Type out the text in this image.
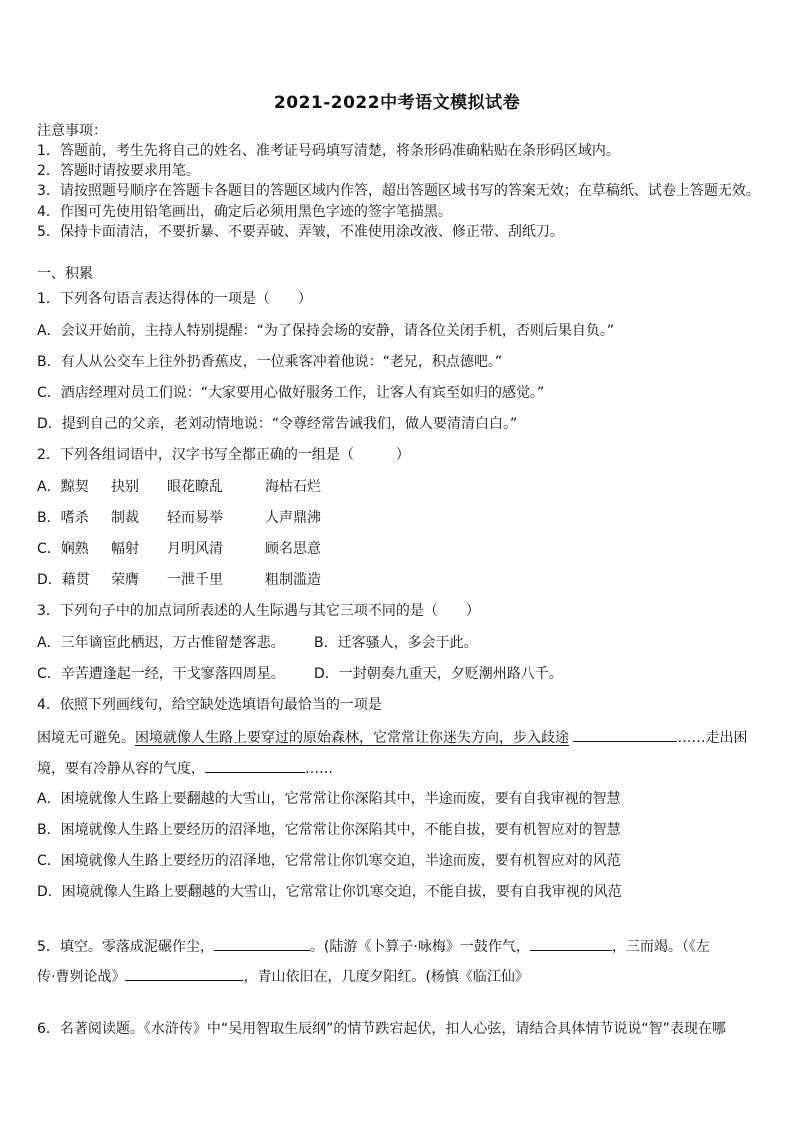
2021-2022中考语文模拟试卷
注意事项：
1．答题前，考生先将自己的姓名、准考证号码填写清楚，将条形码准确粘贴在条形码区域内。
2．答题时请按要求用笔。
3．请按照题号顺序在答题卡各题目的答题区域内作答，超出答题区域书写的答案无效；在草稿纸、试卷上答题无效。
4．作图可先使用铅笔画出，确定后必须用黑色字迹的签字笔描黑。
5．保持卡面清洁，不要折暴、不要弄破、弄皱，不准使用涂改液、修正带、刮纸刀。
一、积累
1．下列各句语言表达得体的一项是（　　）
A．会议开始前，主持人特别提醒：“为了保持会场的安静，请各位关闭手机，否则后果自负。”
B．有人从公交车上往外扔香蕉皮，一位乘客冲着他说：“老兄，积点德吧。”
C．酒店经理对员工们说：“大家要用心做好服务工作，让客人有宾至如归的感觉。”
D．提到自己的父亲，老刘动情地说：“令尊经常告诫我们，做人要清清白白。”
2．下列各组词语中，汉字书写全都正确的一组是（　　　）
A．黥契 抉别 眼花瞭乱	海枯石烂
B．嗜杀 制裁 轻而易举	人声鼎沸
C．娴熟 幅射 月明风清	顾名思意
D．藉贯 荣膺 一泄千里	粗制滥造
3．下列句子中的加点词所表述的人生际遇与其它三项不同的是（　　）
A．三年谪宦此栖迟，万古惟留楚客悲。 B．迁客骚人，多会于此。
C．辛苦遭逢起一经，干戈寥落四周星。 D．一封朝奏九重天，夕贬潮州路八千。
4．依照下列画线句，给空缺处选填语句最恰当的一项是
困境无可避免。困境就像人生路上要穿过的原始森林，它常常让你迷失方向，步入歧途	……走出困
境，要有冷静从容的气度，	……
A．困境就像人生路上要翻越的大雪山，它常常让你深陷其中，半途而废，要有自我审视的智慧
B．困境就像人生路上要经历的沼泽地，它常常让你深陷其中，不能自拔，要有机智应对的智慧
C．困境就像人生路上要经历的沼泽地，它常常让你饥寒交迫，半途而废，要有机智应对的风范
D．困境就像人生路上要翻越的大雪山，它常常让你饥寒交迫，不能自拔，要有自我审视的风范
5．填空。零落成泥碾作尘，	。(陆游《卜算子·咏梅》一鼓作气，	，三而竭。（《左
传·曹刿论战》	，青山依旧在，几度夕阳红。(杨慎《临江仙》
6．名著阅读题。《水浒传》中“吴用智取生辰纲”的情节跌宕起伏，扣人心弦，请结合具体情节说说“智”表现在哪
